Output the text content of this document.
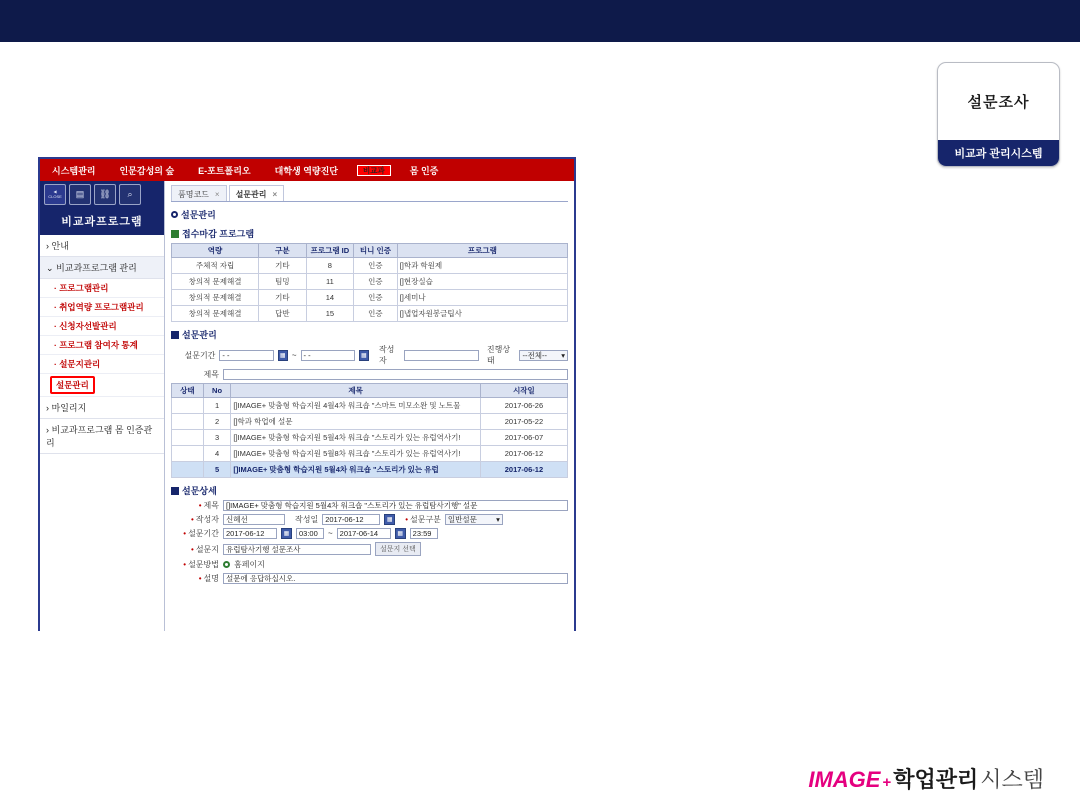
설문조사
비교과 관리시스템
시스템관리	인문감성의 숲	E-포트폴리오	대학생 역량진단	비교과	몸 인증
◀
CLOSE	▤	⛓	⌕
비교과프로그램
› 안내
⌄ 비교과프로그램 관리
· 프로그램관리
· 취업역량 프로그램관리
· 신청자선발관리
· 프로그램 참여자 통계
· 설문지관리
설문관리
› 마일리지
› 비교과프로그램 몸 인증관리
품명코드 × 설문관리 ×
설문관리
접수마감 프로그램
역량	구분	프로그램 ID	티니 인증	프로그램
주체적 자립	기타	8	인증	[]학과 학원제
창의적 문제해결	팀밍	11	인증	[]현장실습
창의적 문제해결	기타	14	인증	[]세미나
창의적 문제해결	답반	15	인증	[]냅업자원봉글팁사
설문관리
설문기간 - -	▦ ~ - -	▦
작성자
진행상태
--전체-- ▾
제목
상태	No	제목	시작일
	1	[]IMAGE+ 맞춤형 학습지원 4월4차 워크숍 "스마트 미모소완 및 노트물	2017-06-26
	2	[]학과 학업에 설문	2017-05-22
	3	[]IMAGE+ 맞춤형 학습지원 5월4차 워크숍 "스토리가 있는 유럽역사기!	2017-06-07
	4	[]IMAGE+ 맞춤형 학습지원 5월8차 워크숍 "스토리가 있는 유럽역사기!	2017-06-12
	5	[]IMAGE+ 맞춤형 학습지원 5월4차 워크숍 "스토리가 있는 유럽	2017-06-12
설문상세
• 제목 []IMAGE+ 맞춤형 학습지원 5월4차 워크숍 "스토리가 있는 유럽탐사기행" 설문
• 작성자 신혜선	작성일 2017-06-12	▦	• 설문구분 일반설문	▾
• 설문기간 2017-06-12	▦	03:00	~ 2017-06-14	▦	23:59
• 설문지 유럽탐사기행 설문조사	설문지 선택
• 설문방법 홈페이지
• 설명 설문에 응답하십시오.
IMAGE + 학업관리 시스템
